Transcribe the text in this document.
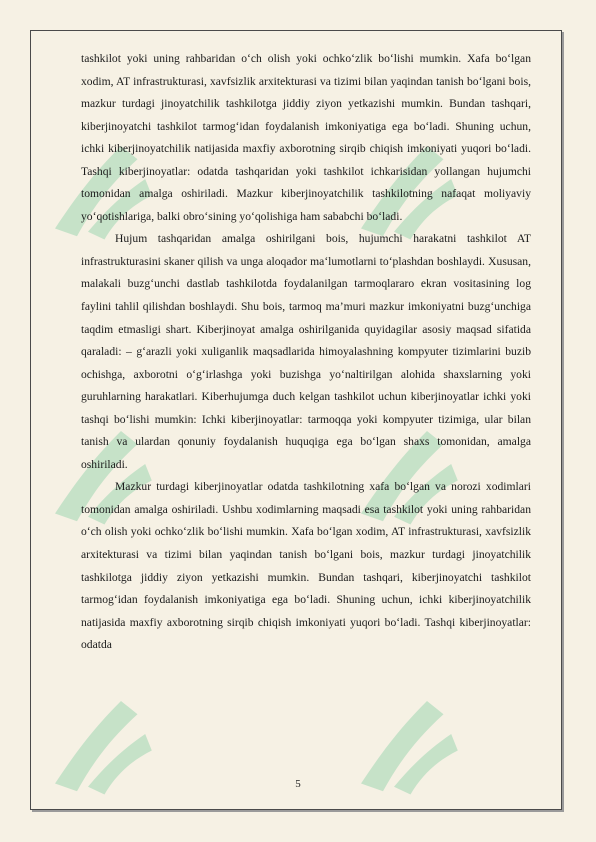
tashkilot yoki uning rahbaridan o‘ch olish yoki ochko‘zlik bo‘lishi mumkin. Xafa bo‘lgan xodim, AT infrastrukturasi, xavfsizlik arxitekturasi va tizimi bilan yaqindan tanish bo‘lgani bois, mazkur turdagi jinoyatchilik tashkilotga jiddiy ziyon yetkazishi mumkin. Bundan tashqari, kiberjinoyatchi tashkilot tarmog‘idan foydalanish imkoniyatiga ega bo‘ladi. Shuning uchun, ichki kiberjinoyatchilik natijasida maxfiy axborotning sirqib chiqish imkoniyati yuqori bo‘ladi. Tashqi kiberjinoyatlar: odatda tashqaridan yoki tashkilot ichkarisidan yollangan hujumchi tomonidan amalga oshiriladi. Mazkur kiberjinoyatchilik tashkilotning nafaqat moliyaviy yo‘qotishlariga, balki obro‘sining yo‘qolishiga ham sababchi bo‘ladi.

Hujum tashqaridan amalga oshirilgani bois, hujumchi harakatni tashkilot AT infrastrukturasini skaner qilish va unga aloqador ma‘lumotlarni to‘plashdan boshlaydi. Xususan, malakali buzg‘unchi dastlab tashkilotda foydalanilgan tarmoqlararo ekran vositasining log faylini tahlil qilishdan boshlaydi. Shu bois, tarmoq ma’muri mazkur imkoniyatni buzg‘unchiga taqdim etmasligi shart. Kiberjinoyat amalga oshirilganida quyidagilar asosiy maqsad sifatida qaraladi: – g‘arazli yoki xuliganlik maqsadlarida himoyalashning kompyuter tizimlarini buzib ochishga, axborotni o‘g‘irlashga yoki buzishga yo‘naltirilgan alohida shaxslarning yoki guruhlarning harakatlari. Kiberhujumga duch kelgan tashkilot uchun kiberjinoyatlar ichki yoki tashqi bo‘lishi mumkin: Ichki kiberjinoyatlar: tarmoqqa yoki kompyuter tizimiga, ular bilan tanish va ulardan qonuniy foydalanish huquqiga ega bo‘lgan shaxs tomonidan, amalga oshiriladi.

Mazkur turdagi kiberjinoyatlar odatda tashkilotning xafa bo‘lgan va norozi xodimlari tomonidan amalga oshiriladi. Ushbu xodimlarning maqsadi esa tashkilot yoki uning rahbaridan o‘ch olish yoki ochko‘zlik bo‘lishi mumkin. Xafa bo‘lgan xodim, AT infrastrukturasi, xavfsizlik arxitekturasi va tizimi bilan yaqindan tanish bo‘lgani bois, mazkur turdagi jinoyatchilik tashkilotga jiddiy ziyon yetkazishi mumkin. Bundan tashqari, kiberjinoyatchi tashkilot tarmog‘idan foydalanish imkoniyatiga ega bo‘ladi. Shuning uchun, ichki kiberjinoyatchilik natijasida maxfiy axborotning sirqib chiqish imkoniyati yuqori bo‘ladi. Tashqi kiberjinoyatlar: odatda

5
